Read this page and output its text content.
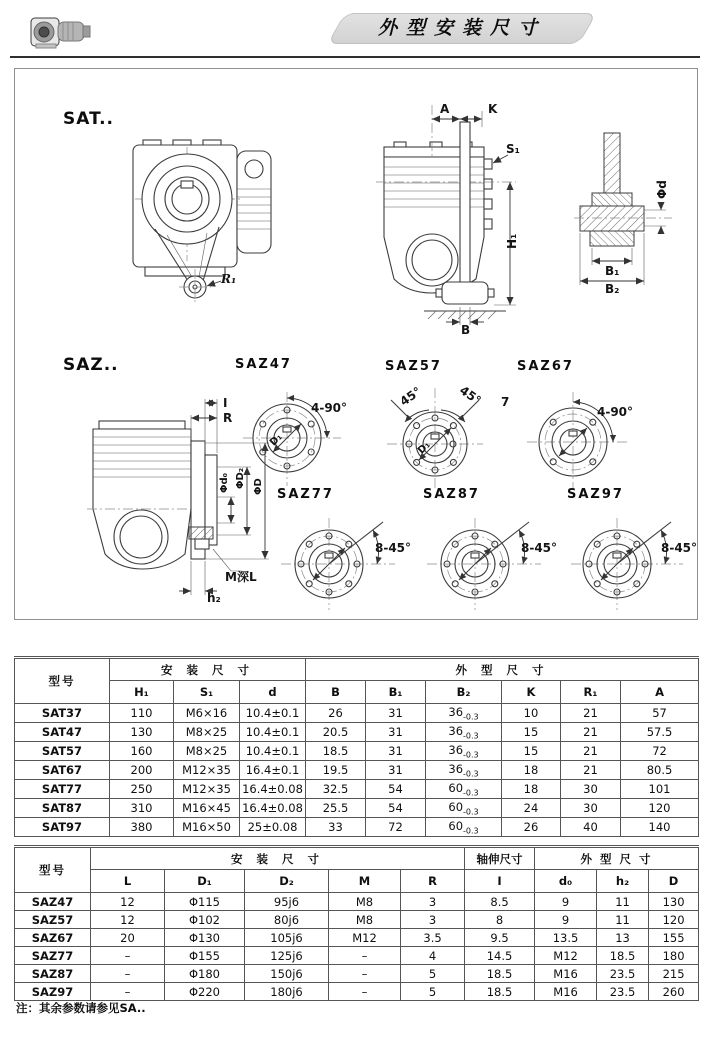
外型安装尺寸
SAT..
R₁
A	K
S₁
H₁
B
Φd
B₁
B₂
SAZ..
I
R
Φd₀ ΦD₂ ΦD
M深L
h₂
SAZ47
D₁
4-90°
SAZ57
45°	45° 7
D₁
SAZ67
4-90°
SAZ77
8-45°
SAZ87
8-45°
SAZ97
8-45°
型号	安 装 尺 寸			外 型 尺 寸					
	H₁	S₁	d	B	B₁	B₂	K	R₁	A
SAT37	110	M6×16	10.4±0.1	26	31	$36_{-0.3}$	10	21	57
SAT47	130	M8×25	10.4±0.1	20.5	31	$36_{-0.3}$	15	21	57.5
SAT57	160	M8×25	10.4±0.1	18.5	31	$36_{-0.3}$	15	21	72
SAT67	200	M12×35	16.4±0.1	19.5	31	$36_{-0.3}$	18	21	80.5
SAT77	250	M12×35	16.4±0.08	32.5	54	$60_{-0.3}$	18	30	101
SAT87	310	M16×45	16.4±0.08	25.5	54	$60_{-0.3}$	24	30	120
SAT97	380	M16×50	25±0.08	33	72	$60_{-0.3}$	26	40	140
型号	安 装 尺 寸					轴伸尺寸	外 型 尺 寸		
	L	D₁	D₂	M	R	I	d₀	h₂	D
SAZ47	12	Φ115	95j6	M8	3	8.5	9	11	130
SAZ57	12	Φ102	80j6	M8	3	8	9	11	120
SAZ67	20	Φ130	105j6	M12	3.5	9.5	13.5	13	155
SAZ77	–	Φ155	125j6	–	4	14.5	M12	18.5	180
SAZ87	–	Φ180	150j6	–	5	18.5	M16	23.5	215
SAZ97	–	Φ220	180j6	–	5	18.5	M16	23.5	260
注：其余参数请参见SA..
